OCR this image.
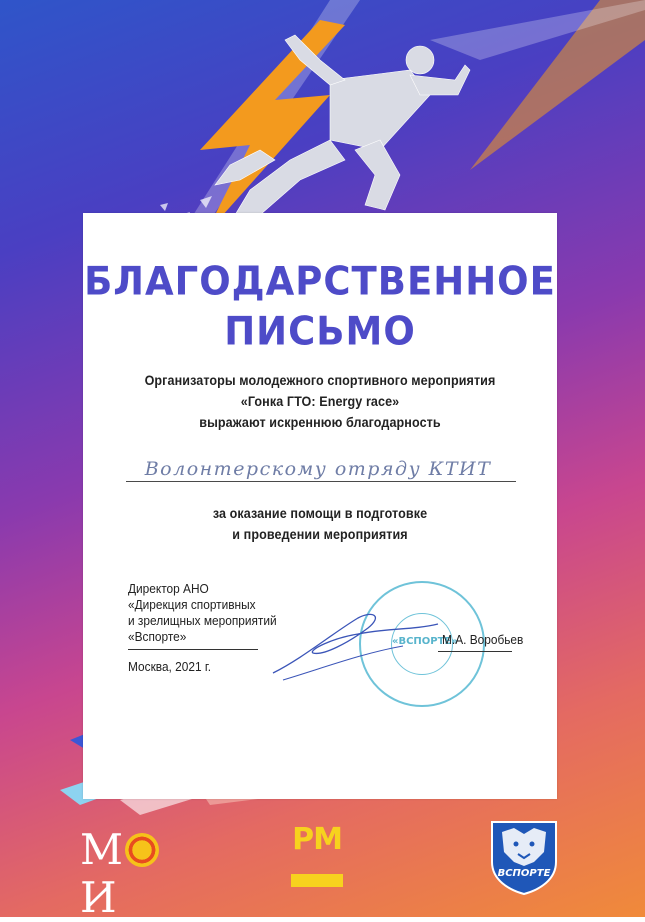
БЛАГОДАРСТВЕННОЕ
ПИСЬМО
Организаторы молодежного спортивного мероприятия
«Гонка ГТО: Energy race»
выражают искреннюю благодарность
Волонтерскому отряду КТИТ
за оказание помощи в подготовке
и проведении мероприятия
Директор АНО
«Дирекция спортивных
и зрелищных мероприятий
«Вспорте»
Москва, 2021 г.
«ВСПОРТЕ»
М.А. Воробьев
МИ
PM
ВСПОРТЕ
